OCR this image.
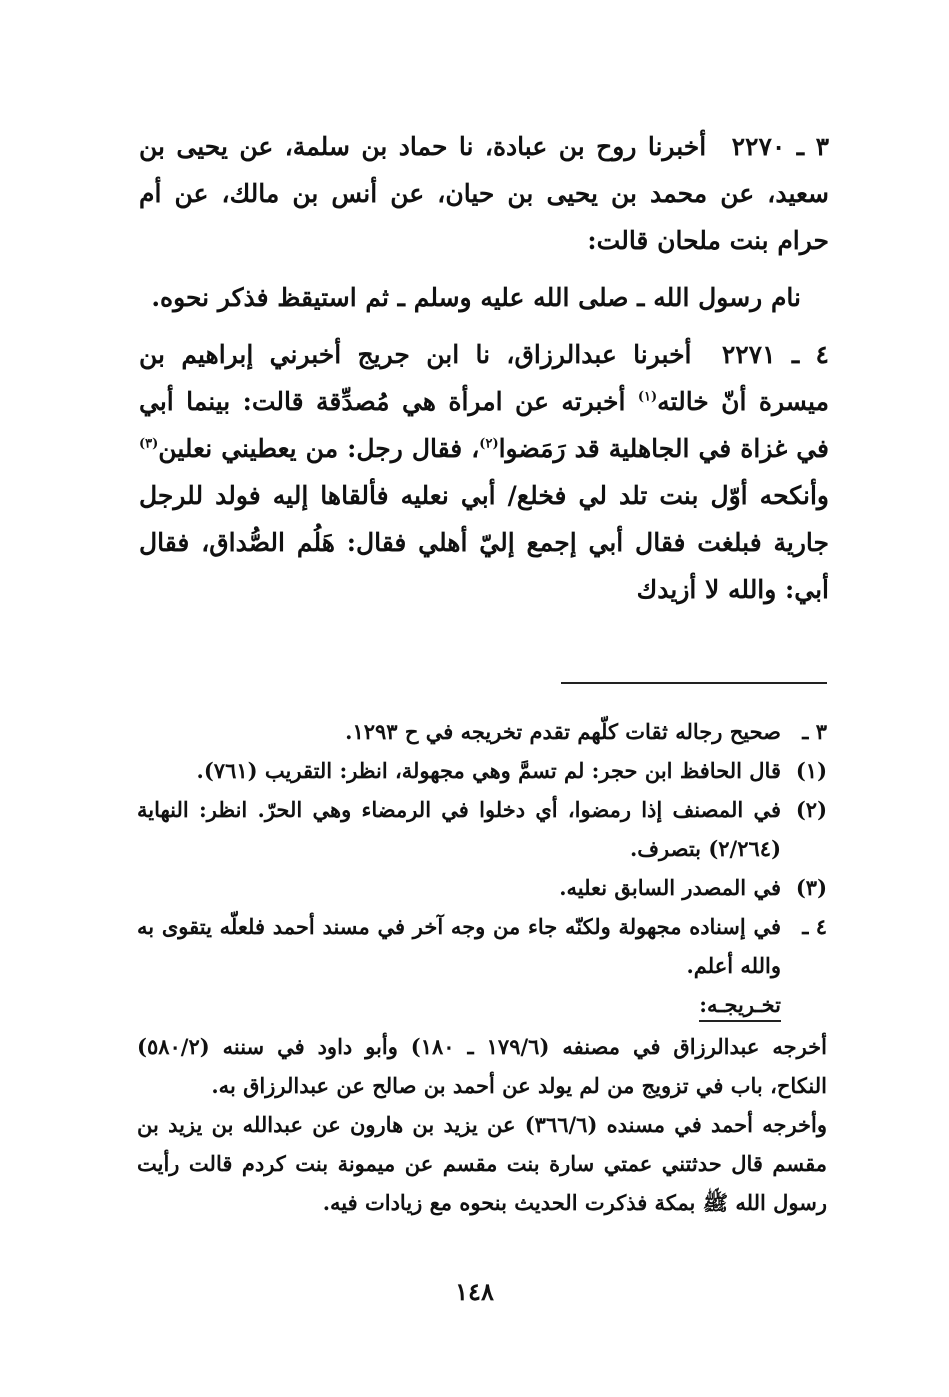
٣ ـ ٢٢٧٠ أخبرنا روح بن عبادة، نا حماد بن سلمة، عن يحيى بن سعيد، عن محمد بن يحيى بن حيان، عن أنس بن مالك، عن أم حرام بنت ملحان قالت:

نام رسول الله ـ صلى الله عليه وسلم ـ ثم استيقظ فذكر نحوه.

٤ ـ ٢٢٧١ أخبرنا عبدالرزاق، نا ابن جريج أخبرني إبراهيم بن ميسرة أنّ خالته$^{(١)}$ أخبرته عن امرأة هي مُصدِّقة قالت: بينما أبي في غزاة في الجاهلية قد رَمَضوا$^{(٢)}$، فقال رجل: من يعطيني نعلين$^{(٣)}$ وأنكحه أوّل بنت تلد لي فخلع/ أبي نعليه فألقاها إليه فولد للرجل جارية فبلغت فقال أبي إجمع إليّ أهلي فقال: هَلُم الصُّداق، فقال أبي: والله لا أزيدك

٣ ـ
صحيح رجاله ثقات كلّهم تقدم تخريجه في ح ١٢٩٣.
(١)
قال الحافظ ابن حجر: لم تسمَّ وهي مجهولة، انظر: التقريب (٧٦١).
(٢)
في المصنف إذا رمضوا، أي دخلوا في الرمضاء وهي الحرّ. انظر: النهاية (٢/٢٦٤) بتصرف.
(٣)
في المصدر السابق نعليه.
٤ ـ
في إسناده مجهولة ولكنّه جاء من وجه آخر في مسند أحمد فلعلّه يتقوى به والله أعلم.
تخـريجـه:

أخرجه عبدالرزاق في مصنفه (١٧٩/٦ ـ ١٨٠) وأبو داود في سننه (٥٨٠/٢) النكاح، باب في تزويج من لم يولد عن أحمد بن صالح عن عبدالرزاق به.

وأخرجه أحمد في مسنده (٣٦٦/٦) عن يزيد بن هارون عن عبدالله بن يزيد بن مقسم قال حدثتني عمتي سارة بنت مقسم عن ميمونة بنت كردم قالت رأيت رسول الله ﷺ بمكة فذكرت الحديث بنحوه مع زيادات فيه.

١٤٨
